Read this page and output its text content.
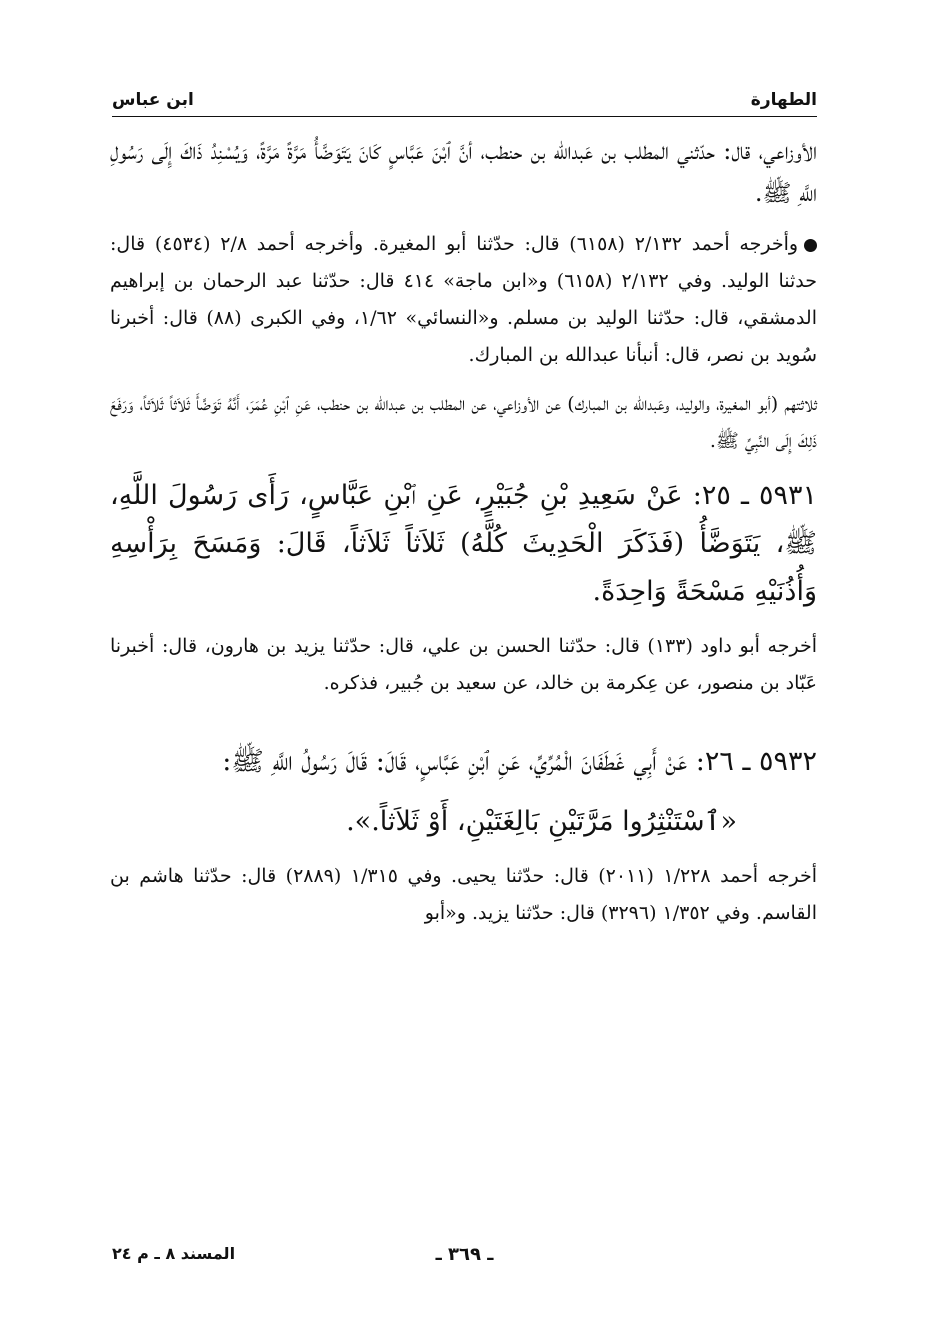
الطهارة
ابن عباس

الأوزاعي، قال: حدّثني المطلب بن عَبدالله بن حنطب، أنَّ ٱبْنَ عَبَّاسٍ كَانَ يَتَوَضَّأُ مَرَّةً مَرَّةً، وَيُسْنِدُ ذَاكَ إِلَى رَسُولِ اللَّهِ ﷺ.

وأخرجه أحمد ٢/١٣٢ (٦١٥٨) قال: حدّثنا أبو المغيرة. وأخرجه أحمد ٢/٨ (٤٥٣٤) قال: حدثنا الوليد. وفي ٢/١٣٢ (٦١٥٨) و«ابن ماجة» ٤١٤ قال: حدّثنا عبد الرحمان بن إبراهيم الدمشقي، قال: حدّثنا الوليد بن مسلم. و«النسائي» ١/٦٢، وفي الكبرى (٨٨) قال: أخبرنا سُويد بن نصر، قال: أنبأنا عبدالله بن المبارك.

ثلاثتهم (أبو المغيرة، والوليد، وعَبدالله بن المبارك) عن الأوزاعي، عن المطلب بن عبدالله بن حنطب، عَنِ ٱبْنِ عُمَرَ، أَنَّهُ تَوَضَّأَ ثَلاَثاً ثَلاَثاً، وَرَفَعَ ذَلِكَ إِلَى النَّبِيِّ ﷺ.

٥٩٣١ ـ ٢٥: عَنْ سَعِيدِ بْنِ جُبَيْرٍ، عَنِ ٱبْنِ عَبَّاسٍ، رَأَى رَسُولَ اللَّهِ، ﷺ، يَتَوَضَّأُ (فَذَكَرَ الْحَدِيثَ كُلَّهُ) ثَلاَثاً ثَلاَثاً، قَالَ: وَمَسَحَ بِرَأْسِهِ وَأُذُنَيْهِ مَسْحَةً وَاحِدَةً.

أخرجه أبو داود (١٣٣) قال: حدّثنا الحسن بن علي، قال: حدّثنا يزيد بن هارون، قال: أخبرنا عَبّاد بن منصور، عن عِكرمة بن خالد، عن سعيد بن جُبير، فذكره.

٥٩٣٢ ـ ٢٦: عَنْ أَبِي غَطَفَانَ الْمُرِّيِّ، عَنِ ٱبْنِ عَبَّاسٍ، قَالَ: قَالَ رَسُولُ اللَّهِ ﷺ:

«ٱسْتَنْثِرُوا مَرَّتَيْنِ بَالِغَتَيْنِ، أَوْ ثَلاَثاً.».

أخرجه أحمد ١/٢٢٨ (٢٠١١) قال: حدّثنا يحيى. وفي ١/٣١٥ (٢٨٨٩) قال: حدّثنا هاشم بن القاسم. وفي ١/٣٥٢ (٣٢٩٦) قال: حدّثنا يزيد. و«أبو

ـ ٣٦٩ ـ
المسند ٨ ـ م ٢٤
